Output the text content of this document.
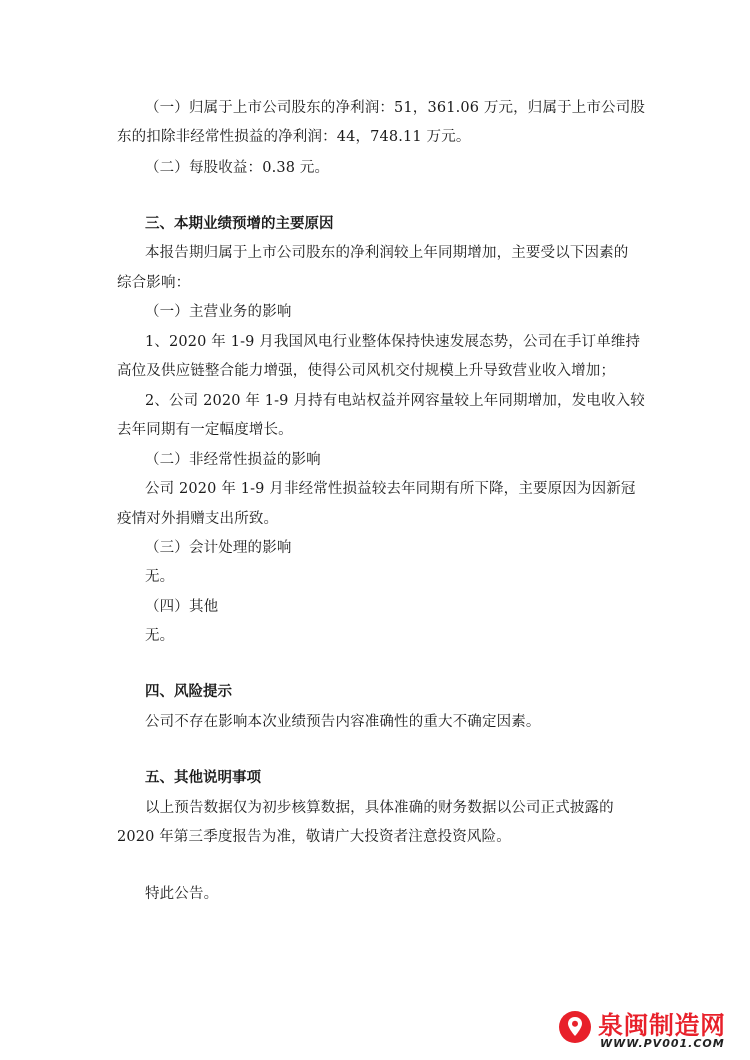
（一）归属于上市公司股东的净利润：51，361.06 万元，归属于上市公司股
东的扣除非经常性损益的净利润：44，748.11 万元。
（二）每股收益：0.38 元。
三、本期业绩预增的主要原因
本报告期归属于上市公司股东的净利润较上年同期增加，主要受以下因素的
综合影响：
（一）主营业务的影响
1、2020 年 1-9 月我国风电行业整体保持快速发展态势，公司在手订单维持
高位及供应链整合能力增强，使得公司风机交付规模上升导致营业收入增加；
2、公司 2020 年 1-9 月持有电站权益并网容量较上年同期增加，发电收入较
去年同期有一定幅度增长。
（二）非经常性损益的影响
公司 2020 年 1-9 月非经常性损益较去年同期有所下降，主要原因为因新冠
疫情对外捐赠支出所致。
（三）会计处理的影响
无。
（四）其他
无。
四、风险提示
公司不存在影响本次业绩预告内容准确性的重大不确定因素。
五、其他说明事项
以上预告数据仅为初步核算数据，具体准确的财务数据以公司正式披露的
2020 年第三季度报告为准，敬请广大投资者注意投资风险。
特此公告。
泉闽制造网
WWW.PV001.COM
